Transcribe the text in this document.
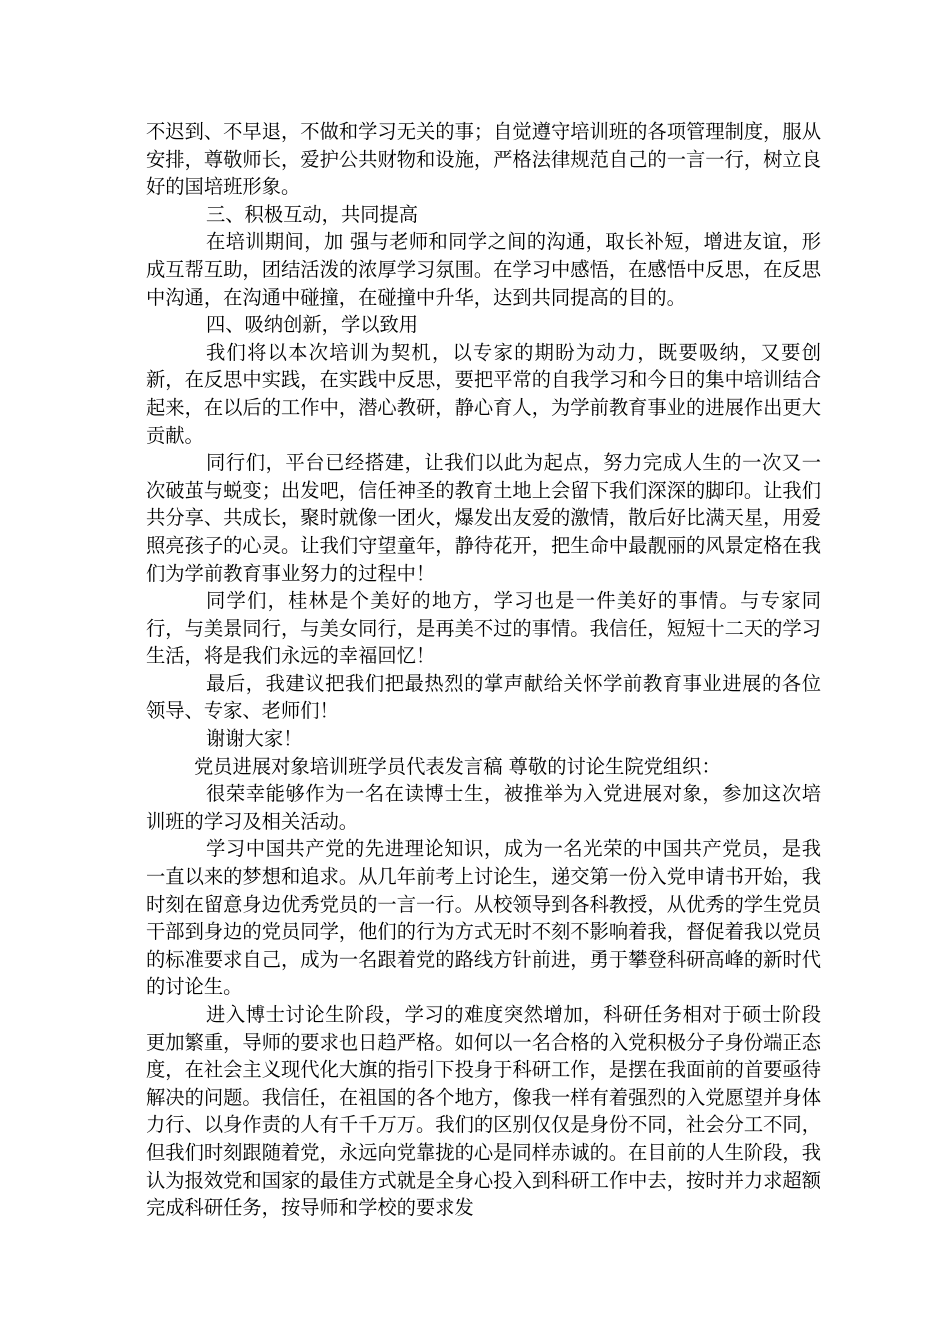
不迟到、不早退，不做和学习无关的事；自觉遵守培训班的各项管理制度，服从安排，尊敬师长，爱护公共财物和设施，严格法律规范自己的一言一行，树立良好的国培班形象。

三、积极互动，共同提高

在培训期间，加 强与老师和同学之间的沟通，取长补短，增进友谊，形成互帮互助，团结活泼的浓厚学习氛围。在学习中感悟，在感悟中反思，在反思中沟通，在沟通中碰撞，在碰撞中升华，达到共同提高的目的。

四、吸纳创新，学以致用

我们将以本次培训为契机，以专家的期盼为动力，既要吸纳，又要创新，在反思中实践，在实践中反思，要把平常的自我学习和今日的集中培训结合起来，在以后的工作中，潜心教研，静心育人，为学前教育事业的进展作出更大贡献。

同行们，平台已经搭建，让我们以此为起点，努力完成人生的一次又一次破茧与蜕变；出发吧，信任神圣的教育土地上会留下我们深深的脚印。让我们共分享、共成长，聚时就像一团火，爆发出友爱的激情，散后好比满天星，用爱照亮孩子的心灵。让我们守望童年，静待花开，把生命中最靓丽的风景定格在我们为学前教育事业努力的过程中！

同学们，桂林是个美好的地方，学习也是一件美好的事情。与专家同行，与美景同行，与美女同行，是再美不过的事情。我信任，短短十二天的学习生活，将是我们永远的幸福回忆！

最后，我建议把我们把最热烈的掌声献给关怀学前教育事业进展的各位领导、专家、老师们！

谢谢大家！

党员进展对象培训班学员代表发言稿 尊敬的讨论生院党组织：

很荣幸能够作为一名在读博士生，被推举为入党进展对象，参加这次培训班的学习及相关活动。

学习中国共产党的先进理论知识，成为一名光荣的中国共产党员，是我一直以来的梦想和追求。从几年前考上讨论生，递交第一份入党申请书开始，我时刻在留意身边优秀党员的一言一行。从校领导到各科教授，从优秀的学生党员干部到身边的党员同学，他们的行为方式无时不刻不影响着我，督促着我以党员的标准要求自己，成为一名跟着党的路线方针前进，勇于攀登科研高峰的新时代的讨论生。

进入博士讨论生阶段，学习的难度突然增加，科研任务相对于硕士阶段更加繁重，导师的要求也日趋严格。如何以一名合格的入党积极分子身份端正态度，在社会主义现代化大旗的指引下投身于科研工作，是摆在我面前的首要亟待解决的问题。我信任，在祖国的各个地方，像我一样有着强烈的入党愿望并身体力行、以身作责的人有千千万万。我们的区别仅仅是身份不同，社会分工不同，但我们时刻跟随着党，永远向党靠拢的心是同样赤诚的。在目前的人生阶段，我认为报效党和国家的最佳方式就是全身心投入到科研工作中去，按时并力求超额完成科研任务，按导师和学校的要求发
